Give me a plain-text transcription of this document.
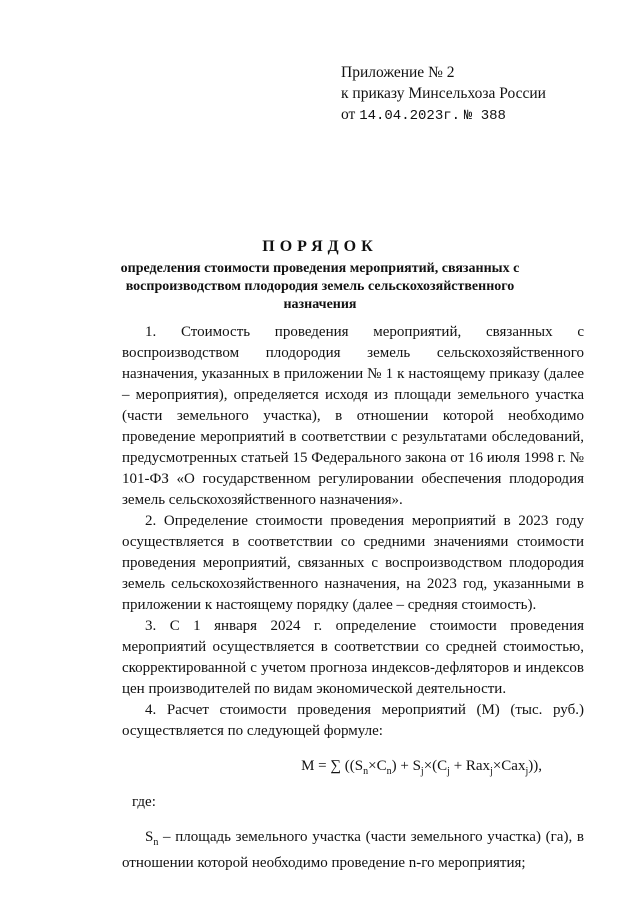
Приложение № 2
к приказу Минсельхоза России
от 14.04.2023г. № 388
ПОРЯДОК
определения стоимости проведения мероприятий, связанных с воспроизводством плодородия земель сельскохозяйственного назначения

1. Стоимость проведения мероприятий, связанных с воспроизводством плодородия земель сельскохозяйственного назначения, указанных в приложении № 1 к настоящему приказу (далее – мероприятия), определяется исходя из площади земельного участка (части земельного участка), в отношении которой необходимо проведение мероприятий в соответствии с результатами обследований, предусмотренных статьей 15 Федерального закона от 16 июля 1998 г. № 101-ФЗ «О государственном регулировании обеспечения плодородия земель сельскохозяйственного назначения».

2. Определение стоимости проведения мероприятий в 2023 году осуществляется в соответствии со средними значениями стоимости проведения мероприятий, связанных с воспроизводством плодородия земель сельскохозяйственного назначения, на 2023 год, указанными в приложении к настоящему порядку (далее – средняя стоимость).

3. С 1 января 2024 г. определение стоимости проведения мероприятий осуществляется в соответствии со средней стоимостью, скорректированной с учетом прогноза индексов-дефляторов и индексов цен производителей по видам экономической деятельности.

4. Расчет стоимости проведения мероприятий (М) (тыс. руб.) осуществляется по следующей формуле:

М = ∑ $((S_n\times C_n) + S_j\times(C_j + Rax_j\times Cax_j))$,

где:

$S_n$ – площадь земельного участка (части земельного участка) (га), в отношении которой необходимо проведение n-го мероприятия;
